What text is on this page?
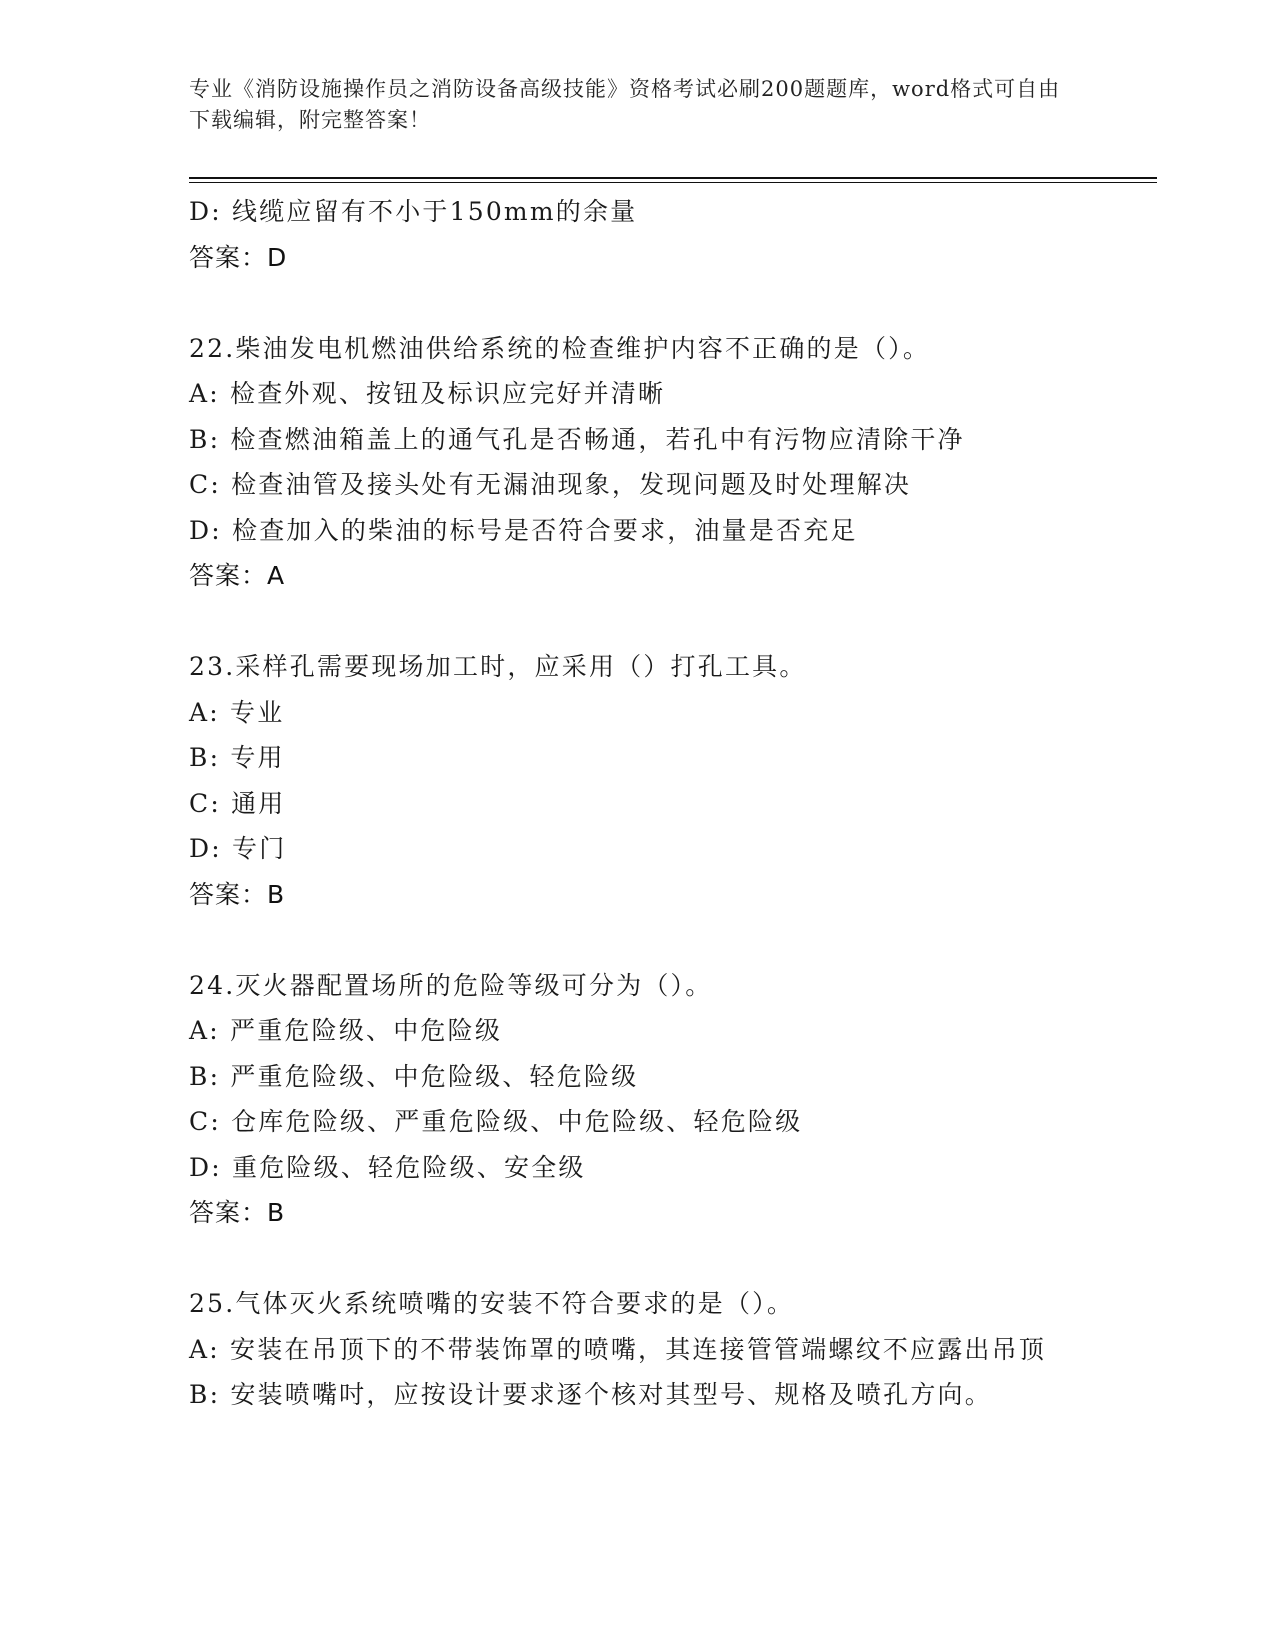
专业《消防设施操作员之消防设备高级技能》资格考试必刷200题题库，word格式可自由下载编辑，附完整答案！
D: 线缆应留有不小于150mm的余量
答案：D
22.柴油发电机燃油供给系统的检查维护内容不正确的是（）。
A: 检查外观、按钮及标识应完好并清晰
B: 检查燃油箱盖上的通气孔是否畅通，若孔中有污物应清除干净
C: 检查油管及接头处有无漏油现象，发现问题及时处理解决
D: 检查加入的柴油的标号是否符合要求，油量是否充足
答案：A
23.采样孔需要现场加工时，应采用（）打孔工具。
A: 专业
B: 专用
C: 通用
D: 专门
答案：B
24.灭火器配置场所的危险等级可分为（）。
A: 严重危险级、中危险级
B: 严重危险级、中危险级、轻危险级
C: 仓库危险级、严重危险级、中危险级、轻危险级
D: 重危险级、轻危险级、安全级
答案：B
25.气体灭火系统喷嘴的安装不符合要求的是（）。
A: 安装在吊顶下的不带装饰罩的喷嘴，其连接管管端螺纹不应露出吊顶
B: 安装喷嘴吋，应按设计要求逐个核对其型号、规格及喷孔方向。
